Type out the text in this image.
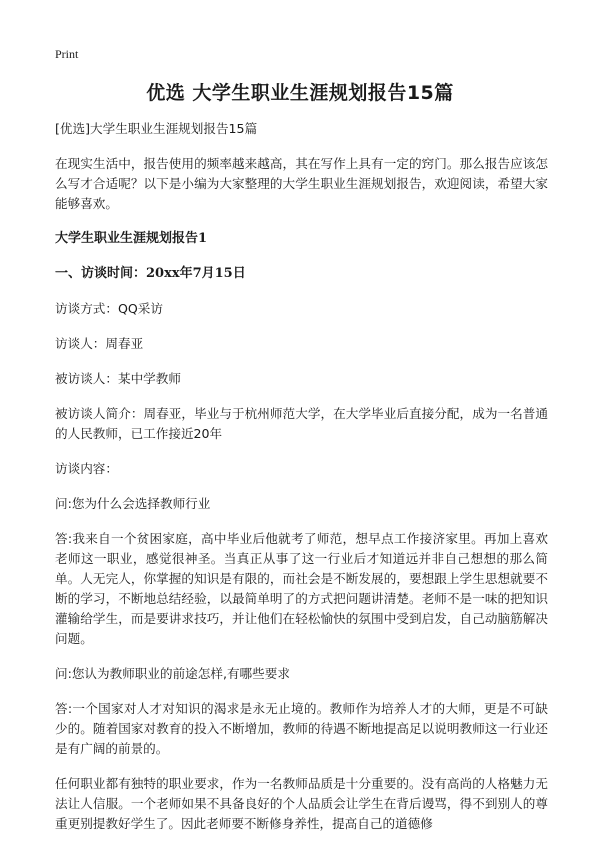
Print
优选 大学生职业生涯规划报告15篇

[优选]大学生职业生涯规划报告15篇

在现实生活中，报告使用的频率越来越高，其在写作上具有一定的窍门。那么报告应该怎么写才合适呢？以下是小编为大家整理的大学生职业生涯规划报告，欢迎阅读，希望大家能够喜欢。

大学生职业生涯规划报告1

一、访谈时间：20xx年7月15日

访谈方式：QQ采访

访谈人：周春亚

被访谈人：某中学教师

被访谈人简介：周春亚，毕业与于杭州师范大学，在大学毕业后直接分配，成为一名普通的人民教师，已工作接近20年

访谈内容：

问:您为什么会选择教师行业

答:我来自一个贫困家庭，高中毕业后他就考了师范，想早点工作接济家里。再加上喜欢老师这一职业，感觉很神圣。当真正从事了这一行业后才知道远并非自己想想的那么简单。人无完人，你掌握的知识是有限的，而社会是不断发展的，要想跟上学生思想就要不断的学习，不断地总结经验，以最简单明了的方式把问题讲清楚。老师不是一味的把知识灌输给学生，而是要讲求技巧，并让他们在轻松愉快的氛围中受到启发，自己动脑筋解决问题。

问:您认为教师职业的前途怎样,有哪些要求

答:一个国家对人才对知识的渴求是永无止境的。教师作为培养人才的大师，更是不可缺少的。随着国家对教育的投入不断增加，教师的待遇不断地提高足以说明教师这一行业还是有广阔的前景的。

任何职业都有独特的职业要求，作为一名教师品质是十分重要的。没有高尚的人格魅力无法让人信服。一个老师如果不具备良好的个人品质会让学生在背后谩骂，得不到别人的尊重更别提教好学生了。因此老师要不断修身养性，提高自己的道德修
